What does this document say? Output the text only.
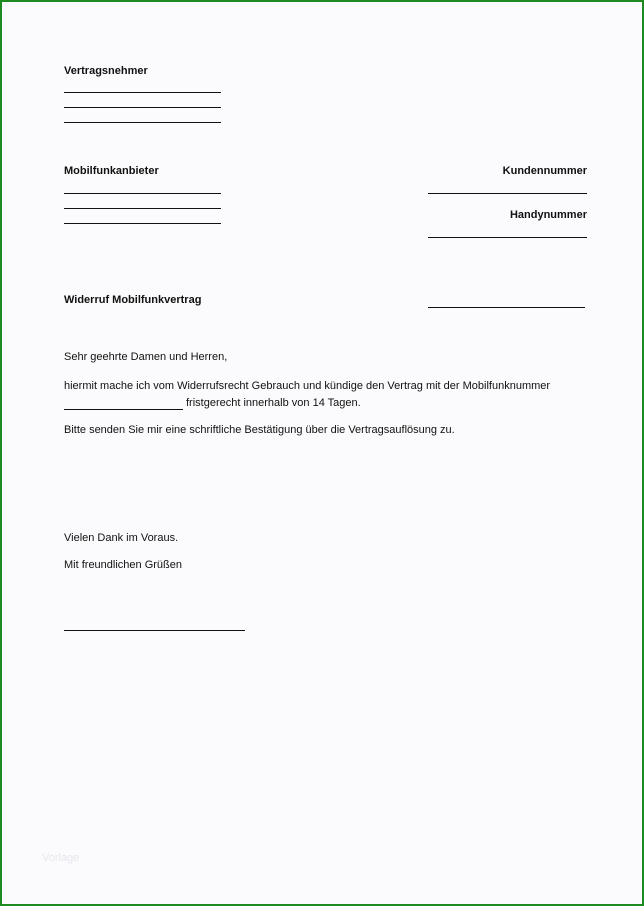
Vertragsnehmer
Mobilfunkanbieter	Kundennummer
Handynummer
Widerruf Mobilfunkvertrag
Sehr geehrte Damen und Herren,
hiermit mache ich vom Widerrufsrecht Gebrauch und kündige den Vertrag mit der Mobilfunknummer
fristgerecht innerhalb von 14 Tagen.
Bitte senden Sie mir eine schriftliche Bestätigung über die Vertragsauflösung zu.
Vielen Dank im Voraus.
Mit freundlichen Grüßen
Vorlage
